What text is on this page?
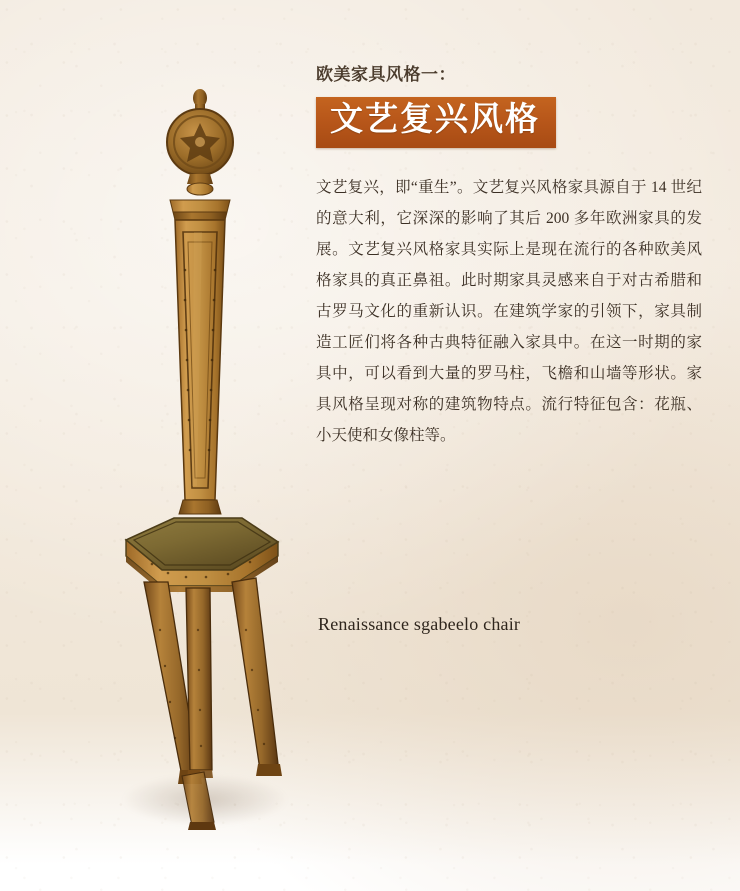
欧美家具风格一：
文艺复兴风格

文艺复兴，即“重生”。文艺复兴风格家具源自于 14 世纪的意大利，它深深的影响了其后 200 多年欧洲家具的发展。文艺复兴风格家具实际上是现在流行的各种欧美风格家具的真正鼻祖。此时期家具灵感来自于对古希腊和古罗马文化的重新认识。在建筑学家的引领下，家具制造工匠们将各种古典特征融入家具中。在这一时期的家具中，可以看到大量的罗马柱，飞檐和山墙等形状。家具风格呈现对称的建筑物特点。流行特征包含：花瓶、小天使和女像柱等。

Renaissance sgabeelo chair
